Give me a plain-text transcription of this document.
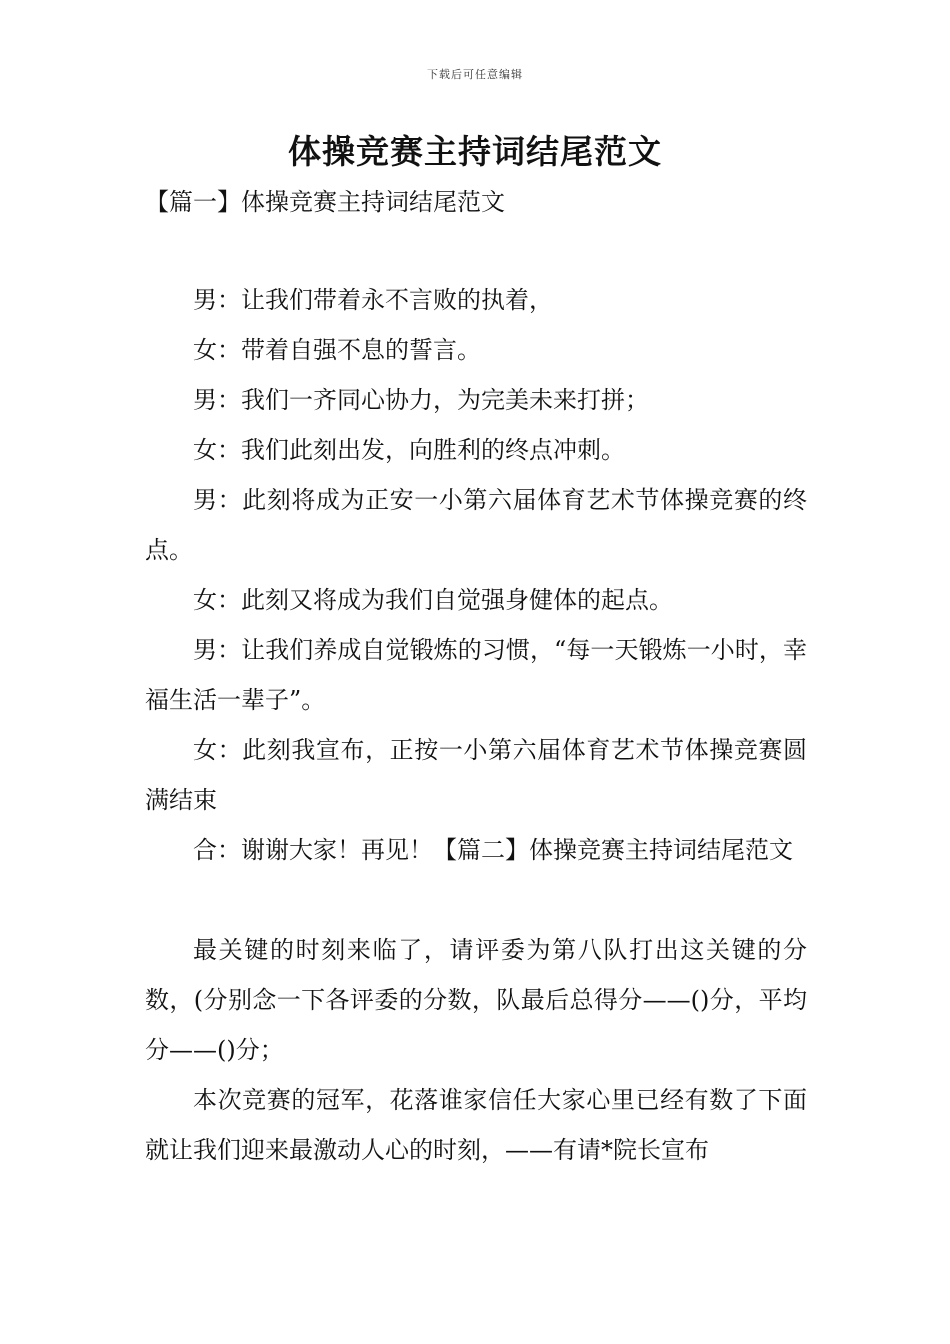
下载后可任意编辑
体操竞赛主持词结尾范文
【篇一】体操竞赛主持词结尾范文

男：让我们带着永不言败的执着，

女：带着自强不息的誓言。

男：我们一齐同心协力，为完美未来打拼；

女：我们此刻出发，向胜利的终点冲刺。

男：此刻将成为正安一小第六届体育艺术节体操竞赛的终点。

女：此刻又将成为我们自觉强身健体的起点。

男：让我们养成自觉锻炼的习惯，“每一天锻炼一小时，幸福生活一辈子”。

女：此刻我宣布，正按一小第六届体育艺术节体操竞赛圆满结束

合：谢谢大家！再见！【篇二】体操竞赛主持词结尾范文

最关键的时刻来临了，请评委为第八队打出这关键的分数，(分别念一下各评委的分数，队最后总得分——()分，平均分——()分；

本次竞赛的冠军，花落谁家信任大家心里已经有数了下面就让我们迎来最激动人心的时刻，——有请*院长宣布
